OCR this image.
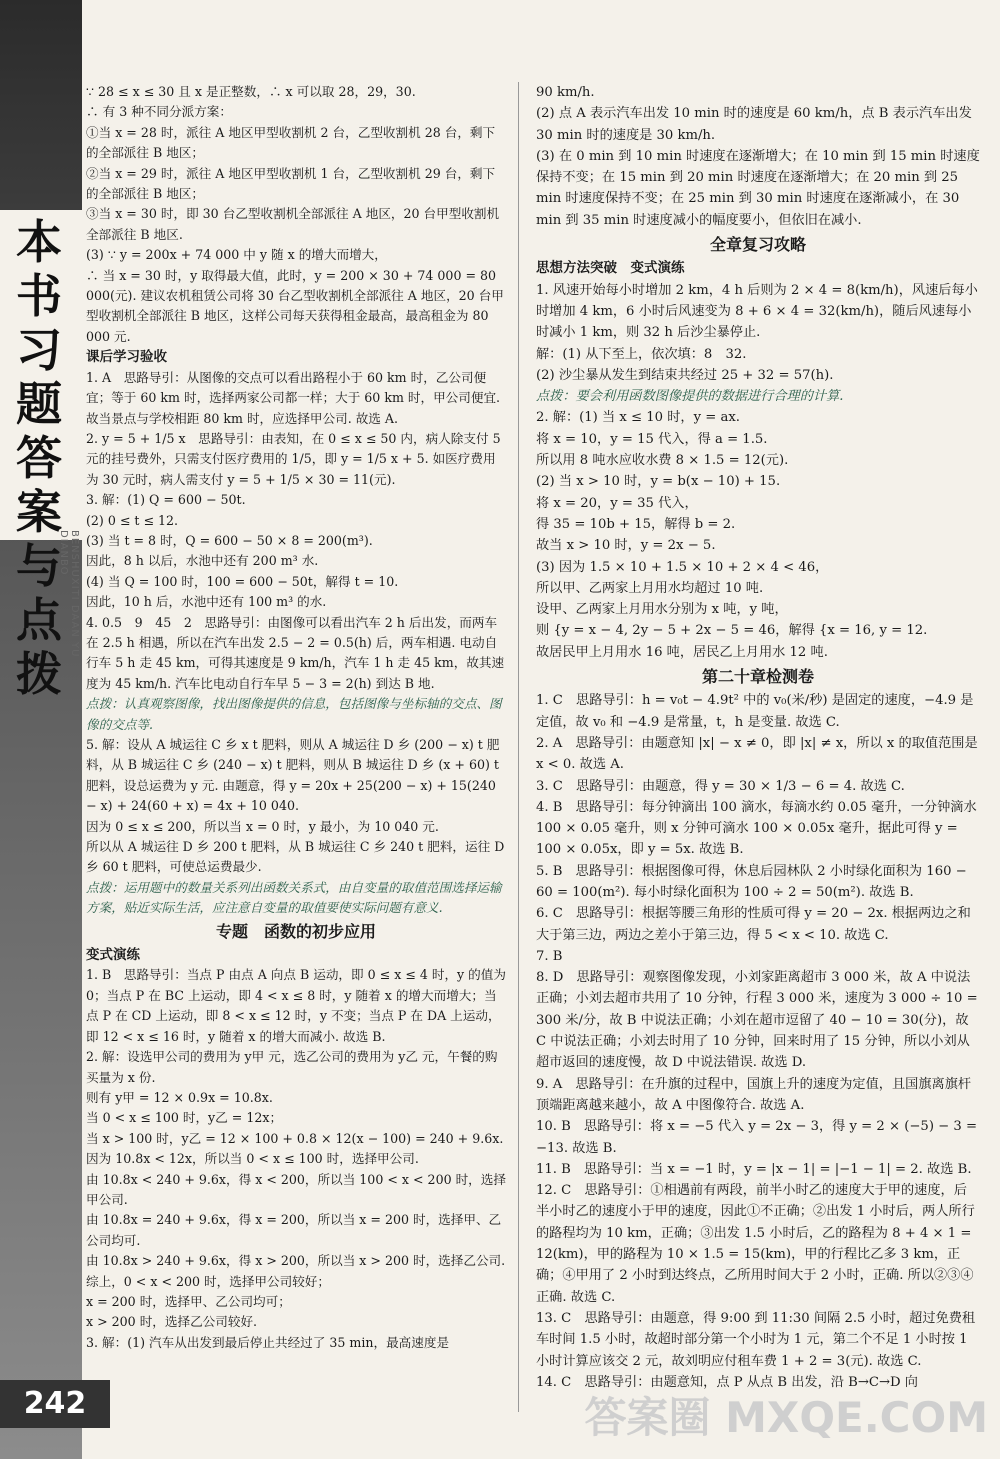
本书习题答案与点拨
BENSHUXITI DAAN YU DIANBO
242

∵ 28 ≤ x ≤ 30 且 x 是正整数，∴ x 可以取 28，29，30.

∴ 有 3 种不同分派方案：

①当 x = 28 时，派往 A 地区甲型收割机 2 台，乙型收割机 28 台，剩下的全部派往 B 地区；

②当 x = 29 时，派往 A 地区甲型收割机 1 台，乙型收割机 29 台，剩下的全部派往 B 地区；

③当 x = 30 时，即 30 台乙型收割机全部派往 A 地区，20 台甲型收割机全部派往 B 地区.

(3) ∵ y = 200x + 74 000 中 y 随 x 的增大而增大，

∴ 当 x = 30 时，y 取得最大值，此时，y = 200 × 30 + 74 000 = 80 000(元). 建议农机租赁公司将 30 台乙型收割机全部派往 A 地区，20 台甲型收割机全部派往 B 地区，这样公司每天获得租金最高，最高租金为 80 000 元.

课后学习验收

1. A　思路导引：从图像的交点可以看出路程小于 60 km 时，乙公司便宜；等于 60 km 时，选择两家公司都一样；大于 60 km 时，甲公司便宜. 故当景点与学校相距 80 km 时，应选择甲公司. 故选 A.

2. y = 5 + 1/5 x　思路导引：由表知，在 0 ≤ x ≤ 50 内，病人除支付 5 元的挂号费外，只需支付医疗费用的 1/5，即 y = 1/5 x + 5. 如医疗费用为 30 元时，病人需支付 y = 5 + 1/5 × 30 = 11(元).

3. 解：(1) Q = 600 − 50t.

(2) 0 ≤ t ≤ 12.

(3) 当 t = 8 时，Q = 600 − 50 × 8 = 200(m³).

因此，8 h 以后，水池中还有 200 m³ 水.

(4) 当 Q = 100 时，100 = 600 − 50t，解得 t = 10.

因此，10 h 后，水池中还有 100 m³ 的水.

4. 0.5　9　45　2　思路导引：由图像可以看出汽车 2 h 后出发，而两车在 2.5 h 相遇，所以在汽车出发 2.5 − 2 = 0.5(h) 后，两车相遇. 电动自行车 5 h 走 45 km，可得其速度是 9 km/h，汽车 1 h 走 45 km，故其速度为 45 km/h. 汽车比电动自行车早 5 − 3 = 2(h) 到达 B 地.

点拨：认真观察图像，找出图像提供的信息，包括图像与坐标轴的交点、图像的交点等.

5. 解：设从 A 城运往 C 乡 x t 肥料，则从 A 城运往 D 乡 (200 − x) t 肥料，从 B 城运往 C 乡 (240 − x) t 肥料，则从 B 城运往 D 乡 (x + 60) t 肥料，设总运费为 y 元. 由题意，得 y = 20x + 25(200 − x) + 15(240 − x) + 24(60 + x) = 4x + 10 040.

因为 0 ≤ x ≤ 200，所以当 x = 0 时，y 最小，为 10 040 元.

所以从 A 城运往 D 乡 200 t 肥料，从 B 城运往 C 乡 240 t 肥料，运往 D 乡 60 t 肥料，可使总运费最少.

点拨：运用题中的数量关系列出函数关系式，由自变量的取值范围选择运输方案，贴近实际生活，应注意自变量的取值要使实际问题有意义.

专题　函数的初步应用

变式演练

1. B　思路导引：当点 P 由点 A 向点 B 运动，即 0 ≤ x ≤ 4 时，y 的值为 0；当点 P 在 BC 上运动，即 4 < x ≤ 8 时，y 随着 x 的增大而增大；当点 P 在 CD 上运动，即 8 < x ≤ 12 时，y 不变；当点 P 在 DA 上运动，即 12 < x ≤ 16 时，y 随着 x 的增大而减小. 故选 B.

2. 解：设选甲公司的费用为 y甲 元，选乙公司的费用为 y乙 元，午餐的购买量为 x 份.

则有 y甲 = 12 × 0.9x = 10.8x.

当 0 < x ≤ 100 时，y乙 = 12x；

当 x > 100 时，y乙 = 12 × 100 + 0.8 × 12(x − 100) = 240 + 9.6x.

因为 10.8x < 12x，所以当 0 < x ≤ 100 时，选择甲公司.

由 10.8x < 240 + 9.6x，得 x < 200，所以当 100 < x < 200 时，选择甲公司.

由 10.8x = 240 + 9.6x，得 x = 200，所以当 x = 200 时，选择甲、乙公司均可.

由 10.8x > 240 + 9.6x，得 x > 200，所以当 x > 200 时，选择乙公司.

综上，0 < x < 200 时，选择甲公司较好；

x = 200 时，选择甲、乙公司均可；

x > 200 时，选择乙公司较好.

3. 解：(1) 汽车从出发到最后停止共经过了 35 min，最高速度是

90 km/h.

(2) 点 A 表示汽车出发 10 min 时的速度是 60 km/h，点 B 表示汽车出发 30 min 时的速度是 30 km/h.

(3) 在 0 min 到 10 min 时速度在逐渐增大；在 10 min 到 15 min 时速度保持不变；在 15 min 到 20 min 时速度在逐渐增大；在 20 min 到 25 min 时速度保持不变；在 25 min 到 30 min 时速度在逐渐减小，在 30 min 到 35 min 时速度减小的幅度要小，但依旧在减小.

全章复习攻略

思想方法突破　变式演练

1. 风速开始每小时增加 2 km，4 h 后则为 2 × 4 = 8(km/h)，风速后每小时增加 4 km，6 小时后风速变为 8 + 6 × 4 = 32(km/h)，随后风速每小时减小 1 km，则 32 h 后沙尘暴停止.

解：(1) 从下至上，依次填：8　32.

(2) 沙尘暴从发生到结束共经过 25 + 32 = 57(h).

点拨：要会利用函数图像提供的数据进行合理的计算.

2. 解：(1) 当 x ≤ 10 时，y = ax.

将 x = 10，y = 15 代入，得 a = 1.5.

所以用 8 吨水应收水费 8 × 1.5 = 12(元).

(2) 当 x > 10 时，y = b(x − 10) + 15.

将 x = 20，y = 35 代入，

得 35 = 10b + 15，解得 b = 2.

故当 x > 10 时，y = 2x − 5.

(3) 因为 1.5 × 10 + 1.5 × 10 + 2 × 4 < 46，

所以甲、乙两家上月用水均超过 10 吨.

设甲、乙两家上月用水分别为 x 吨，y 吨，

则 {y = x − 4, 2y − 5 + 2x − 5 = 46，解得 {x = 16, y = 12.

故居民甲上月用水 16 吨，居民乙上月用水 12 吨.

第二十章检测卷

1. C　思路导引：h = v₀t − 4.9t² 中的 v₀(米/秒) 是固定的速度，−4.9 是定值，故 v₀ 和 −4.9 是常量，t，h 是变量. 故选 C.

2. A　思路导引：由题意知 |x| − x ≠ 0，即 |x| ≠ x，所以 x 的取值范围是 x < 0. 故选 A.

3. C　思路导引：由题意，得 y = 30 × 1/3 − 6 = 4. 故选 C.

4. B　思路导引：每分钟滴出 100 滴水，每滴水约 0.05 毫升，一分钟滴水 100 × 0.05 毫升，则 x 分钟可滴水 100 × 0.05x 毫升，据此可得 y = 100 × 0.05x，即 y = 5x. 故选 B.

5. B　思路导引：根据图像可得，休息后园林队 2 小时绿化面积为 160 − 60 = 100(m²). 每小时绿化面积为 100 ÷ 2 = 50(m²). 故选 B.

6. C　思路导引：根据等腰三角形的性质可得 y = 20 − 2x. 根据两边之和大于第三边，两边之差小于第三边，得 5 < x < 10. 故选 C.

7. B

8. D　思路导引：观察图像发现，小刘家距离超市 3 000 米，故 A 中说法正确；小刘去超市共用了 10 分钟，行程 3 000 米，速度为 3 000 ÷ 10 = 300 米/分，故 B 中说法正确；小刘在超市逗留了 40 − 10 = 30(分)，故 C 中说法正确；小刘去时用了 10 分钟，回来时用了 15 分钟，所以小刘从超市返回的速度慢，故 D 中说法错误. 故选 D.

9. A　思路导引：在升旗的过程中，国旗上升的速度为定值，且国旗离旗杆顶端距离越来越小，故 A 中图像符合. 故选 A.

10. B　思路导引：将 x = −5 代入 y = 2x − 3，得 y = 2 × (−5) − 3 = −13. 故选 B.

11. B　思路导引：当 x = −1 时，y = |x − 1| = |−1 − 1| = 2. 故选 B.

12. C　思路导引：①相遇前有两段，前半小时乙的速度大于甲的速度，后半小时乙的速度小于甲的速度，因此①不正确；②出发 1 小时后，两人所行的路程均为 10 km，正确；③出发 1.5 小时后，乙的路程为 8 + 4 × 1 = 12(km)，甲的路程为 10 × 1.5 = 15(km)，甲的行程比乙多 3 km，正确；④甲用了 2 小时到达终点，乙所用时间大于 2 小时，正确. 所以②③④正确. 故选 C.

13. C　思路导引：由题意，得 9:00 到 11:30 间隔 2.5 小时，超过免费租车时间 1.5 小时，故超时部分第一个小时为 1 元，第二个不足 1 小时按 1 小时计算应该交 2 元，故刘明应付租车费 1 + 2 = 3(元). 故选 C.

14. C　思路导引：由题意知，点 P 从点 B 出发，沿 B→C→D 向

答案圈 MXQE.COM
